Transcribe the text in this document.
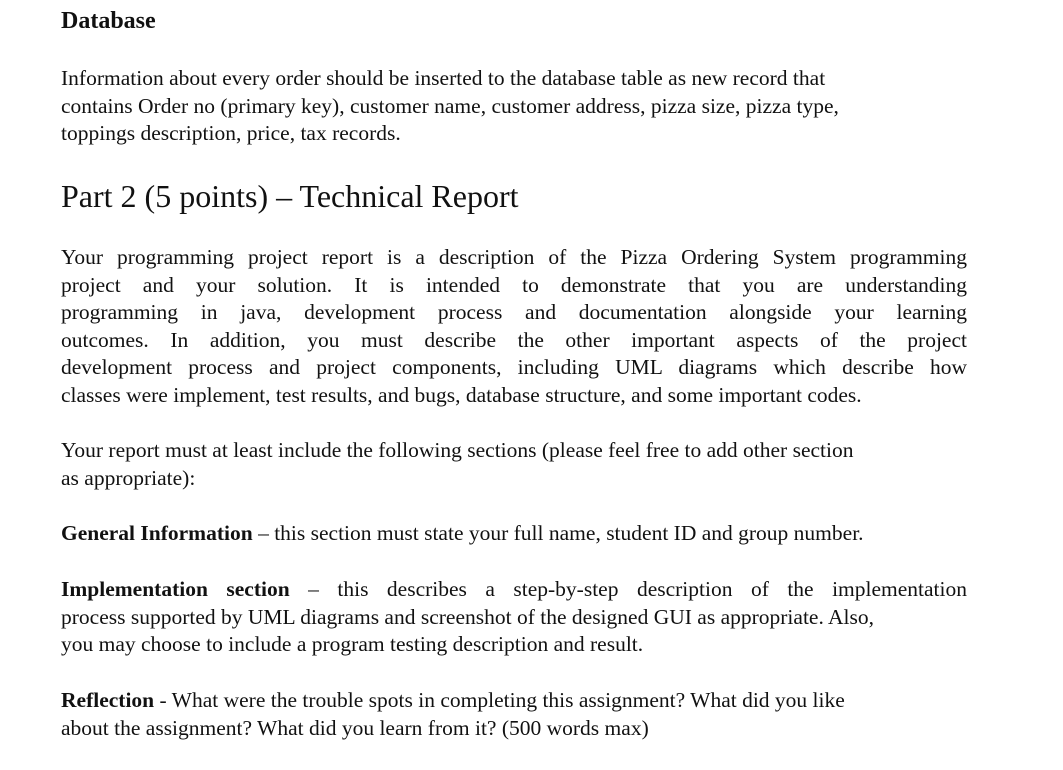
Database

Information about every order should be inserted to the database table as new record that
contains Order no (primary key), customer name, customer address, pizza size, pizza type,
toppings description, price, tax records.

Part 2 (5 points) – Technical Report

Your programming project report is a description of the Pizza Ordering System programming
project and your solution. It is intended to demonstrate that you are understanding
programming in java, development process and documentation alongside your learning
outcomes. In addition, you must describe the other important aspects of the project
development process and project components, including UML diagrams which describe how
classes were implement, test results, and bugs, database structure, and some important codes.

Your report must at least include the following sections (please feel free to add other section
as appropriate):

General Information – this section must state your full name, student ID and group number.

Implementation section – this describes a step-by-step description of the implementation
process supported by UML diagrams and screenshot of the designed GUI as appropriate. Also,
you may choose to include a program testing description and result.

Reflection - What were the trouble spots in completing this assignment? What did you like
about the assignment? What did you learn from it? (500 words max)
